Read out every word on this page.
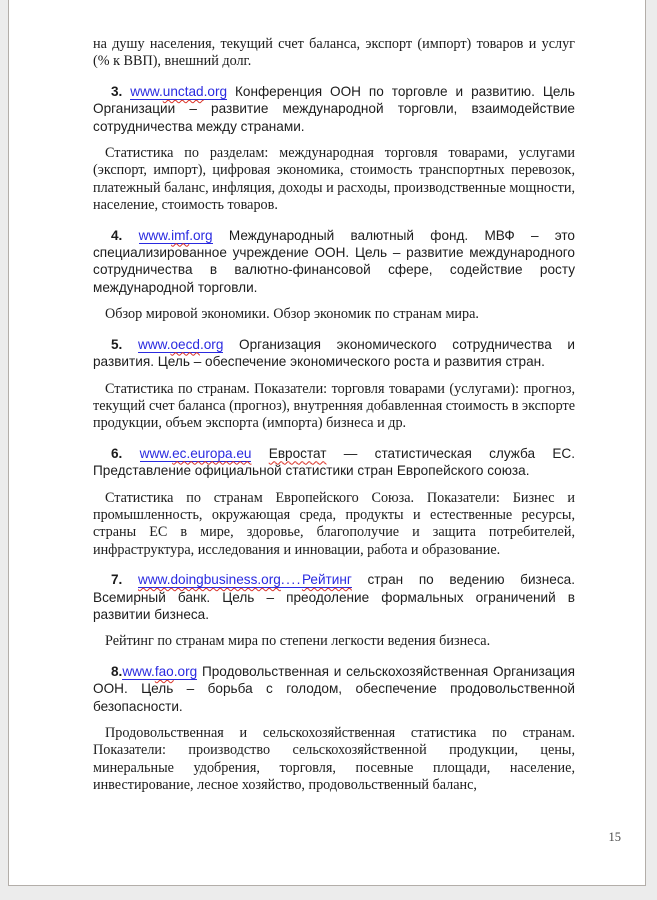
на душу населения, текущий счет баланса, экспорт (импорт) товаров и услуг (% к ВВП), внешний долг.

3. www.unctad.org Конференция ООН по торговле и развитию. Цель Организации – развитие международной торговли, взаимодействие сотрудничества между странами.

Статистика по разделам: международная торговля товарами, услугами (экспорт, импорт), цифровая экономика, стоимость транспортных перевозок, платежный баланс, инфляция, доходы и расходы, производственные мощности, население, стоимость товаров.

4. www.imf.org Международный валютный фонд. МВФ – это специализированное учреждение ООН. Цель – развитие международного сотрудничества в валютно-финансовой сфере, содействие росту международной торговли.

Обзор мировой экономики. Обзор экономик по странам мира.

5. www.oecd.org Организация экономического сотрудничества и развития. Цель – обеспечение экономического роста и развития стран.

Статистика по странам. Показатели: торговля товарами (услугами): прогноз, текущий счет баланса (прогноз), внутренняя добавленная стоимость в экспорте продукции, объем экспорта (импорта) бизнеса и др.

6. www.ec.europa.eu Евростат — статистическая служба ЕС. Представление официальной статистики стран Европейского союза.

Статистика по странам Европейского Союза. Показатели: Бизнес и промышленность, окружающая среда, продукты и естественные ресурсы, страны ЕС в мире, здоровье, благополучие и защита потребителей, инфраструктура, исследования и инновации, работа и образование.

7. www.doingbusiness.org....Рейтинг стран по ведению бизнеса. Всемирный банк. Цель – преодоление формальных ограничений в развитии бизнеса.

Рейтинг по странам мира по степени легкости ведения бизнеса.

8.www.fao.org Продовольственная и сельскохозяйственная Организация ООН. Цель – борьба с голодом, обеспечение продовольственной безопасности.

Продовольственная и сельскохозяйственная статистика по странам. Показатели: производство сельскохозяйственной продукции, цены, минеральные удобрения, торговля, посевные площади, население, инвестирование, лесное хозяйство, продовольственный баланс,

15
